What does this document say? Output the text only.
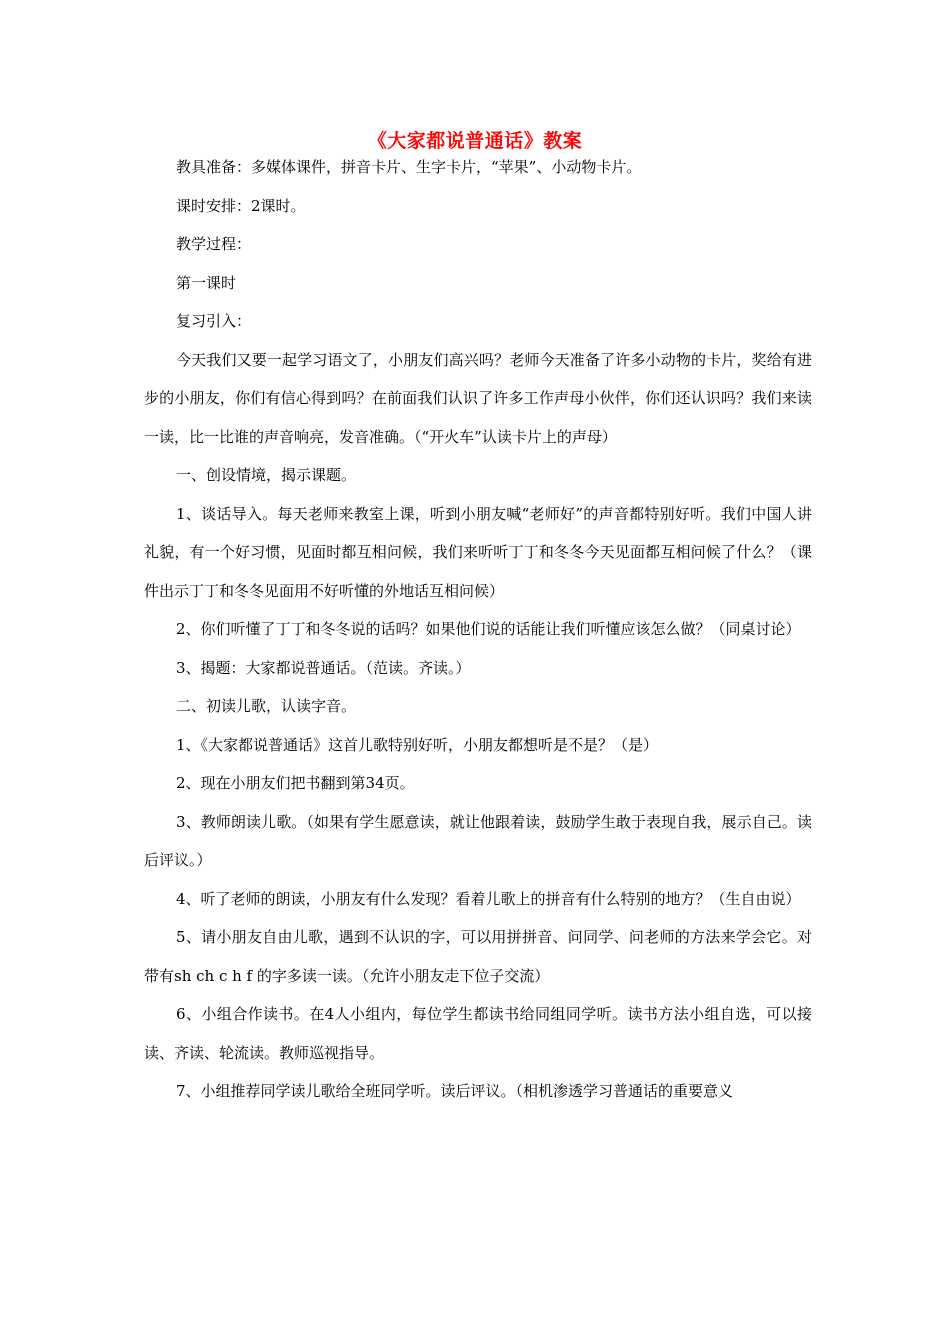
《大家都说普通话》教案

教具准备：多媒体课件，拼音卡片、生字卡片，“苹果”、小动物卡片。

课时安排：2课时。

教学过程：

第一课时

复习引入：

今天我们又要一起学习语文了，小朋友们高兴吗？老师今天准备了许多小动物的卡片，奖给有进步的小朋友，你们有信心得到吗？在前面我们认识了许多工作声母小伙伴，你们还认识吗？我们来读一读，比一比谁的声音响亮，发音准确。（“开火车”认读卡片上的声母）

一、创设情境，揭示课题。

1、谈话导入。每天老师来教室上课，听到小朋友喊“老师好”的声音都特别好听。我们中国人讲礼貌，有一个好习惯，见面时都互相问候，我们来听听丁丁和冬冬今天见面都互相问候了什么？（课件出示丁丁和冬冬见面用不好听懂的外地话互相问候）

2、你们听懂了丁丁和冬冬说的话吗？如果他们说的话能让我们听懂应该怎么做？（同桌讨论）

3、揭题：大家都说普通话。（范读。齐读。）

二、初读儿歌，认读字音。

1、《大家都说普通话》这首儿歌特别好听，小朋友都想听是不是？（是）

2、现在小朋友们把书翻到第34页。

3、教师朗读儿歌。（如果有学生愿意读，就让他跟着读，鼓励学生敢于表现自我，展示自己。读后评议。）

4、听了老师的朗读，小朋友有什么发现？看着儿歌上的拼音有什么特别的地方？（生自由说）

5、请小朋友自由儿歌，遇到不认识的字，可以用拼拼音、问同学、问老师的方法来学会它。对带有sh ch c h f 的字多读一读。（允许小朋友走下位子交流）

6、小组合作读书。在4人小组内，每位学生都读书给同组同学听。读书方法小组自选，可以接读、齐读、轮流读。教师巡视指导。

7、小组推荐同学读儿歌给全班同学听。读后评议。（相机渗透学习普通话的重要意义
